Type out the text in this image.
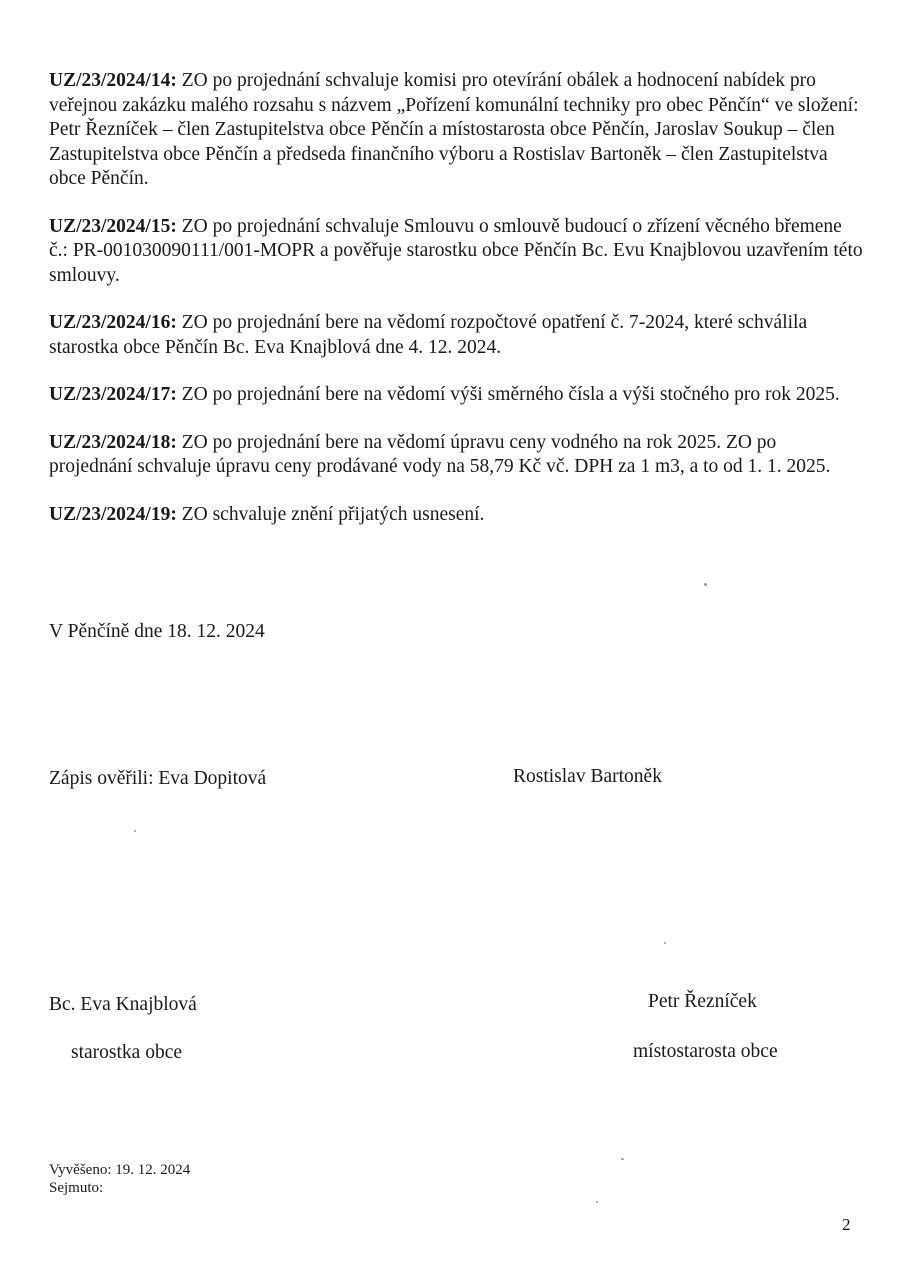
UZ/23/2024/14: ZO po projednání schvaluje komisi pro otevírání obálek a hodnocení nabídek pro veřejnou zakázku malého rozsahu s názvem „Pořízení komunální techniky pro obec Pěnčín“ ve složení: Petr Řezníček – člen Zastupitelstva obce Pěnčín a místostarosta obce Pěnčín, Jaroslav Soukup – člen Zastupitelstva obce Pěnčín a předseda finančního výboru a Rostislav Bartoněk – člen Zastupitelstva obce Pěnčín.

UZ/23/2024/15: ZO po projednání schvaluje Smlouvu o smlouvě budoucí o zřízení věcného břemene č.: PR-001030090111/001-MOPR a pověřuje starostku obce Pěnčín Bc. Evu Knajblovou uzavřením této smlouvy.

UZ/23/2024/16: ZO po projednání bere na vědomí rozpočtové opatření č. 7-2024, které schválila starostka obce Pěnčín Bc. Eva Knajblová dne 4. 12. 2024.

UZ/23/2024/17: ZO po projednání bere na vědomí výši směrného čísla a výši stočného pro rok 2025.

UZ/23/2024/18: ZO po projednání bere na vědomí úpravu ceny vodného na rok 2025. ZO po projednání schvaluje úpravu ceny prodávané vody na 58,79 Kč vč. DPH za 1 m3, a to od 1. 1. 2025.

UZ/23/2024/19: ZO schvaluje znění přijatých usnesení.

V Pěnčíně dne 18. 12. 2024
Zápis ověřili: Eva Dopitová	Rostislav Bartoněk
Bc. Eva Knajblová
starostka obce
Petr Řezníček
místostarosta obce
Vyvěšeno: 19. 12. 2024
Sejmuto:
2
